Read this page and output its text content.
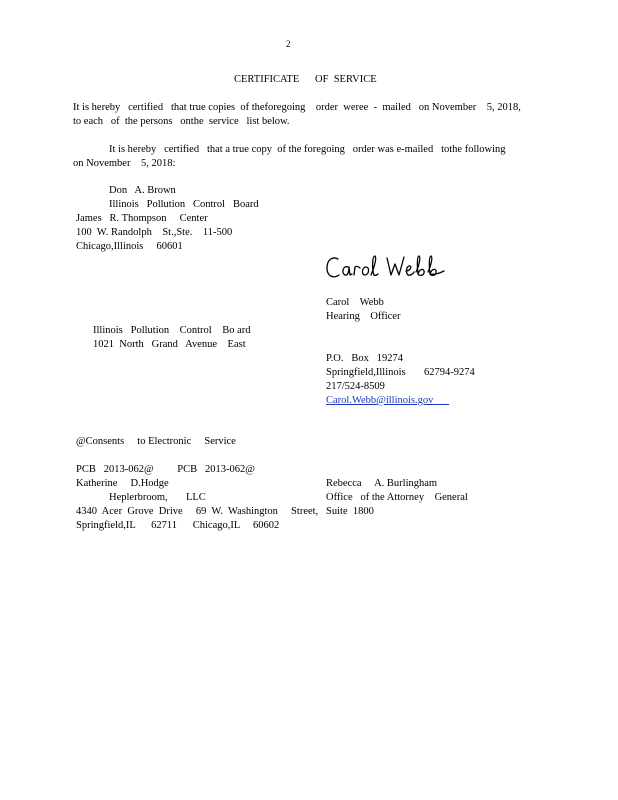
2
CERTIFICATE      OF  SERVICE
It is hereby   certified   that true copies  of theforegoing    order  weree  -  mailed   on November    5, 2018,
to each   of  the persons   onthe  service   list below.
It is hereby   certified   that a true copy  of the foregoing   order was e-mailed   tothe following
on November    5, 2018:
Don   A. Brown
Illinois   Pollution   Control   Board
James   R. Thompson     Center
100  W. Randolph    St.,Ste.    11-500
Chicago,Illinois     60601
Carol    Webb
Hearing    Officer
Illinois   Pollution    Control    Bo ard
1021  North   Grand   Avenue    East
P.O.   Box   19274
Springfield,Illinois       62794-9274
217/524-8509
Carol.Webb@illinois.gov
@Consents     to Electronic     Service
PCB   2013-062@         PCB   2013-062@
Katherine     D.Hodge	Rebecca     A. Burlingham
Heplerbroom,       LLC	Office   of the Attorney    General
4340  Acer  Grove  Drive     69  W.  Washington     Street,   Suite  1800
Springfield,IL      62711      Chicago,IL     60602
